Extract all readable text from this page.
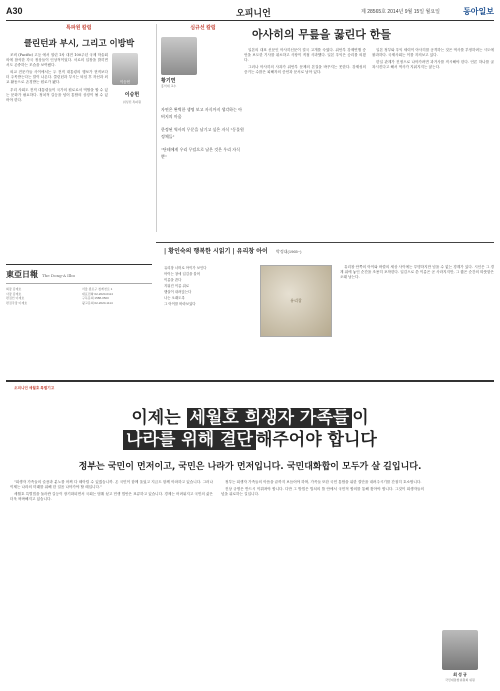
A30	오피니언	제 28565호 2014년 9월 15일 월요일	동아일보
특파원 칼럼
클린턴과 부시, 그리고 이방박

조비 (Pacific) 고등 에서 열린 1차 대전 100주년 국제 학술회의에 참석한 각국 정상들이 인상적이었다. 서로의 입장을 밝히면서도 존중하는 모습을 보여줬다.

외교 전문가들 사이에서는 두 전직 대통령의 행보가 현직보다 더 주목받는다는 말이 나온다. 클린턴과 부시는 퇴임 후 자선과 외교 활동으로 존경받는 원로가 됐다.

우리 사회도 전직 대통령들이 국가의 원로로서 역할을 할 수 있는 문화가 필요하다. 정치적 갈등을 넘어 통합의 상징이 될 수 있어야 한다.

이승헌
이승헌
워싱턴 특파원
東亞日報 The Dong-A Ilbo
회장 김재호
사장 김재호
편집인 이재호
편집국장 이재호
서울 종로구 청계천로 1
대표전화 02-2020-0114
구독문의 1588-0500
광고문의 02-2020-1114
심규선 칼럼
황기연
홍익대 교수

자연은 완벽한 생명 보고 자식까지 생각하는 아버지의 마음

한정된 역사의 무문을 남기고 싶은 자식 "동물원 정체들"

"단테에게 우리 무덤으로 남은 것은 우리 자식뿐"

아사히의 무릎을 꿇린다 한들

일본의 대표 신문인 아사히신문이 결국 고개를 숙였다. 위안부 강제연행 증언을 보도한 기사를 취소하고 사장이 직접 사과했다. 일본 우익은 승리를 외쳤다.

그러나 아사히의 사과가 위안부 문제의 본질을 바꾸지는 못한다. 강제성의 증거는 수많은 피해자의 증언과 문서로 남아 있다.

일본 정부와 우익 세력이 아사히를 공격하는 것은 역사를 부정하려는 시도에 불과하다. 국제사회는 이를 지켜보고 있다.

한일 관계가 진정으로 나아가려면 과거사를 직시해야 한다. 언론 하나를 굴복시킨다고 해서 역사가 지워지지는 않는다.

| 황인숙의 행복한 시읽기 | 유리창 아이 박정대(1965~)
유리창 너머로 아이가 보인다
아이는 창에 입김을 불어
이름을 쓴다
지워진 이름 위로
햇살이 내려앉는다
나는 오래도록
그 아이를 바라보았다
유리창

유리창 안쪽의 아이와 바깥의 세상 사이에는 투명하지만 넘을 수 없는 경계가 있다. 시인은 그 경계 위에 놓인 순간을 조용히 포착한다. 입김으로 쓴 이름은 곧 사라지지만, 그 짧은 순간의 따뜻함은 오래 남는다.

오피니언 세월호 특별기고
이제는 세월호 희생자 가족들 이
나라를 위해 결단 해주어야 합니다
정부는 국민이 먼저이고, 국민은 나라가 먼저입니다. 국민대화합이 모두가 살 길입니다.

"희생자 가족들의 슬픔과 분노를 어찌 다 헤아릴 수 있겠습니까. 온 국민이 함께 울었고 지금도 함께 아파하고 있습니다. 그러나 이제는 나라의 미래를 위해 한 걸음 나아가야 할 때입니다."

세월호 특별법을 둘러싼 갈등이 장기화되면서 국회는 멈춰 섰고 민생 법안은 표류하고 있습니다. 경제는 어려워지고 국민의 삶은 더욱 팍팍해지고 있습니다.

정부는 희생자 가족들의 아픔을 끝까지 보듬어야 하며, 가족들 또한 국민 통합을 위한 결단을 내려주시기를 간절히 호소합니다.

진상 규명은 반드시 이뤄져야 합니다. 다만 그 방법은 법치의 틀 안에서 국민적 합의를 통해 찾아야 합니다. 그것이 희생자들의 넋을 위로하는 길입니다.

최 성 규
국민대통합위원회 위원
